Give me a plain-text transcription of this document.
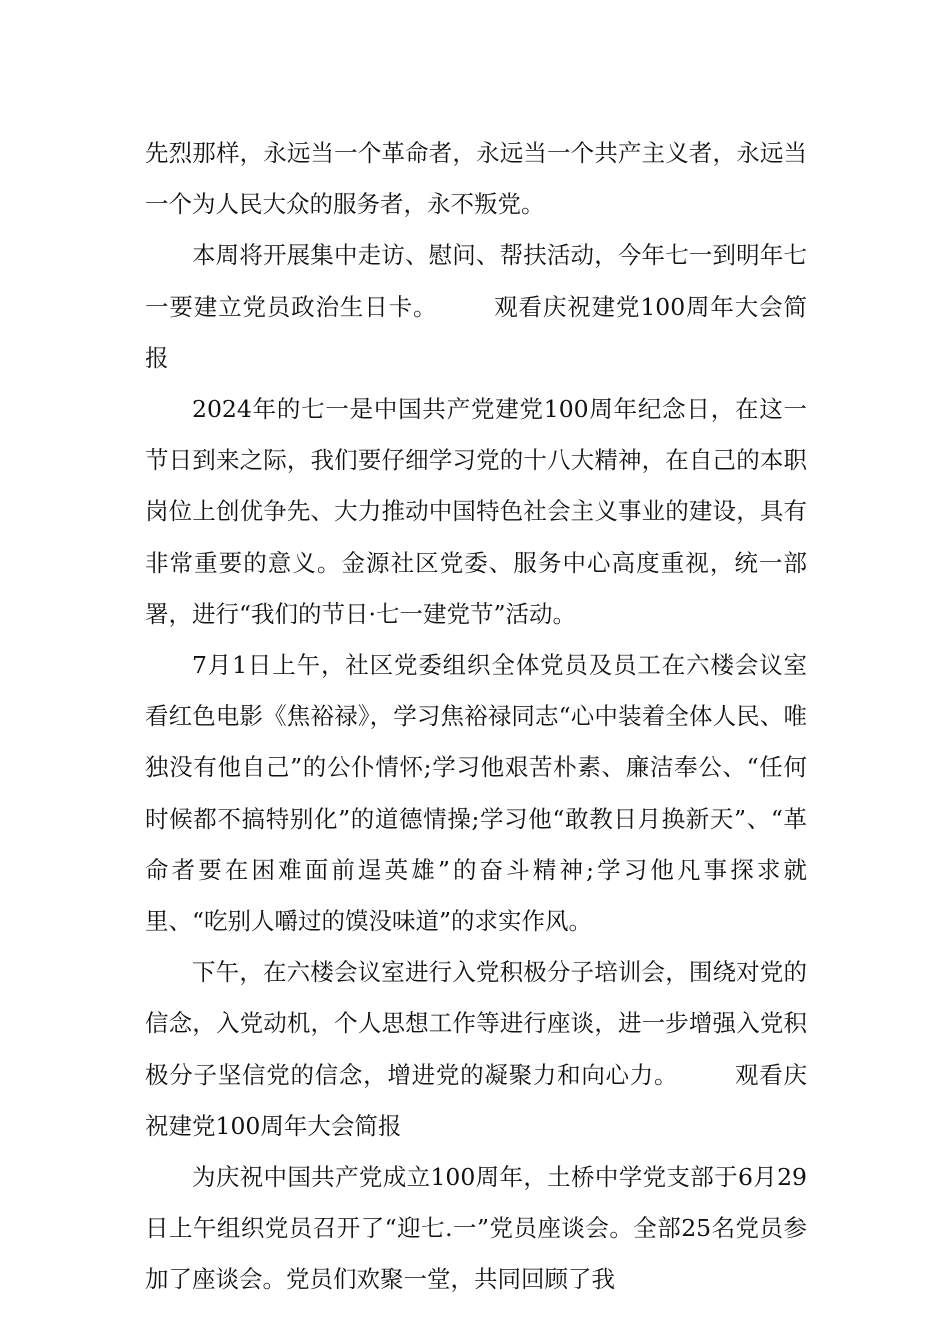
先烈那样，永远当一个革命者，永远当一个共产主义者，永远当一个为人民大众的服务者，永不叛党。

本周将开展集中走访、慰问、帮扶活动，今年七一到明年七一要建立党员政治生日卡。 观看庆祝建党100周年大会简报

2024年的七一是中国共产党建党100周年纪念日，在这一节日到来之际，我们要仔细学习党的十八大精神，在自己的本职岗位上创优争先、大力推动中国特色社会主义事业的建设，具有非常重要的意义。金源社区党委、服务中心高度重视，统一部署，进行“我们的节日·七一建党节”活动。

7月1日上午，社区党委组织全体党员及员工在六楼会议室看红色电影《焦裕禄》，学习焦裕禄同志“心中装着全体人民、唯独没有他自己”的公仆情怀;学习他艰苦朴素、廉洁奉公、“任何时候都不搞特别化”的道德情操;学习他“敢教日月换新天”、“革命者要在困难面前逞英雄”的奋斗精神;学习他凡事探求就里、“吃别人嚼过的馍没味道”的求实作风。

下午，在六楼会议室进行入党积极分子培训会，围绕对党的信念，入党动机，个人思想工作等进行座谈，进一步增强入党积极分子坚信党的信念，增进党的凝聚力和向心力。 观看庆祝建党100周年大会简报

为庆祝中国共产党成立100周年，土桥中学党支部于6月29日上午组织党员召开了“迎七.一”党员座谈会。全部25名党员参加了座谈会。党员们欢聚一堂，共同回顾了我
